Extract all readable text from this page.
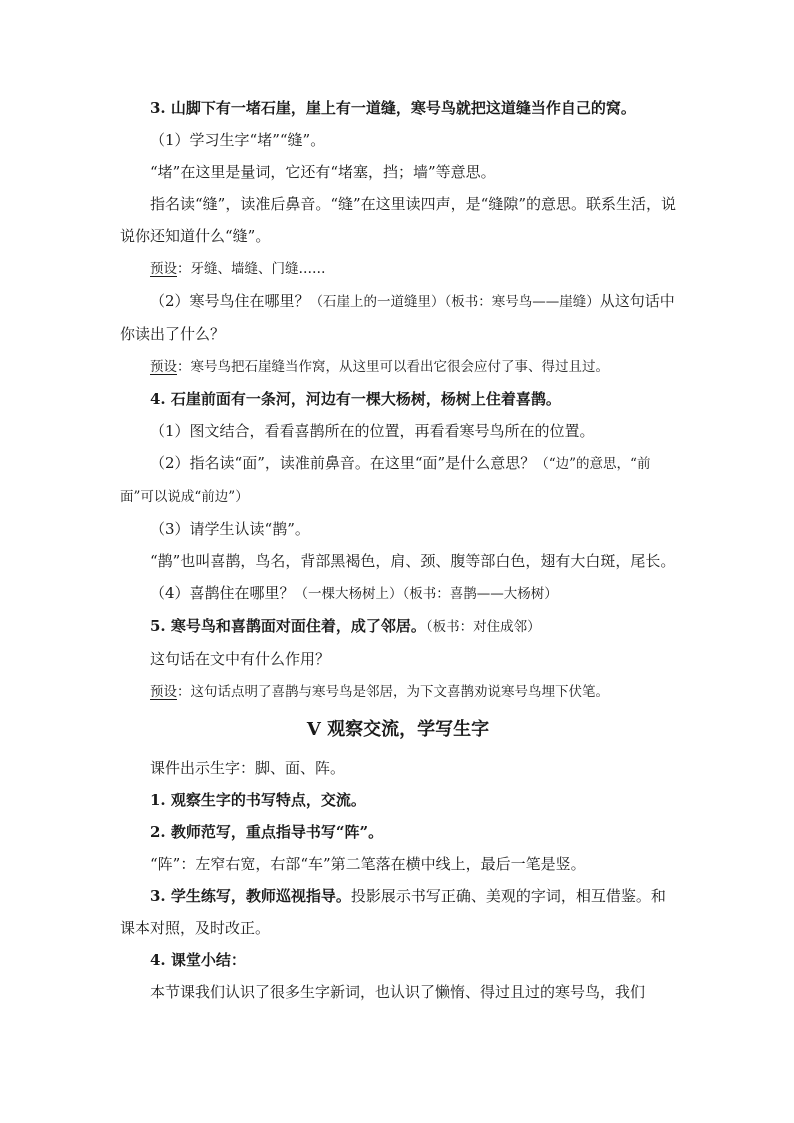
3. 山脚下有一堵石崖，崖上有一道缝，寒号鸟就把这道缝当作自己的窝。

（1）学习生字“堵”“缝”。

“堵”在这里是量词，它还有“堵塞，挡；墙”等意思。

指名读“缝”，读准后鼻音。“缝”在这里读四声，是“缝隙”的意思。联系生活，说说你还知道什么“缝”。

预设：牙缝、墙缝、门缝……

（2）寒号鸟住在哪里？（石崖上的一道缝里）（板书：寒号鸟——崖缝）从这句话中你读出了什么？

预设：寒号鸟把石崖缝当作窝，从这里可以看出它很会应付了事、得过且过。

4. 石崖前面有一条河，河边有一棵大杨树，杨树上住着喜鹊。

（1）图文结合，看看喜鹊所在的位置，再看看寒号鸟所在的位置。

（2）指名读“面”，读准前鼻音。在这里“面”是什么意思？（“边”的意思，“前面”可以说成“前边”）

（3）请学生认读“鹊”。

“鹊”也叫喜鹊，鸟名，背部黑褐色，肩、颈、腹等部白色，翅有大白斑，尾长。

（4）喜鹊住在哪里？（一棵大杨树上）（板书：喜鹊——大杨树）

5. 寒号鸟和喜鹊面对面住着，成了邻居。（板书：对住成邻）

这句话在文中有什么作用？

预设：这句话点明了喜鹊与寒号鸟是邻居，为下文喜鹊劝说寒号鸟埋下伏笔。

V 观察交流，学写生字

课件出示生字：脚、面、阵。

1. 观察生字的书写特点，交流。

2. 教师范写，重点指导书写“阵”。

“阵”：左窄右宽，右部“车”第二笔落在横中线上，最后一笔是竖。

3. 学生练写，教师巡视指导。投影展示书写正确、美观的字词，相互借鉴。和课本对照，及时改正。

4. 课堂小结：

本节课我们认识了很多生字新词，也认识了懒惰、得过且过的寒号鸟，我们
